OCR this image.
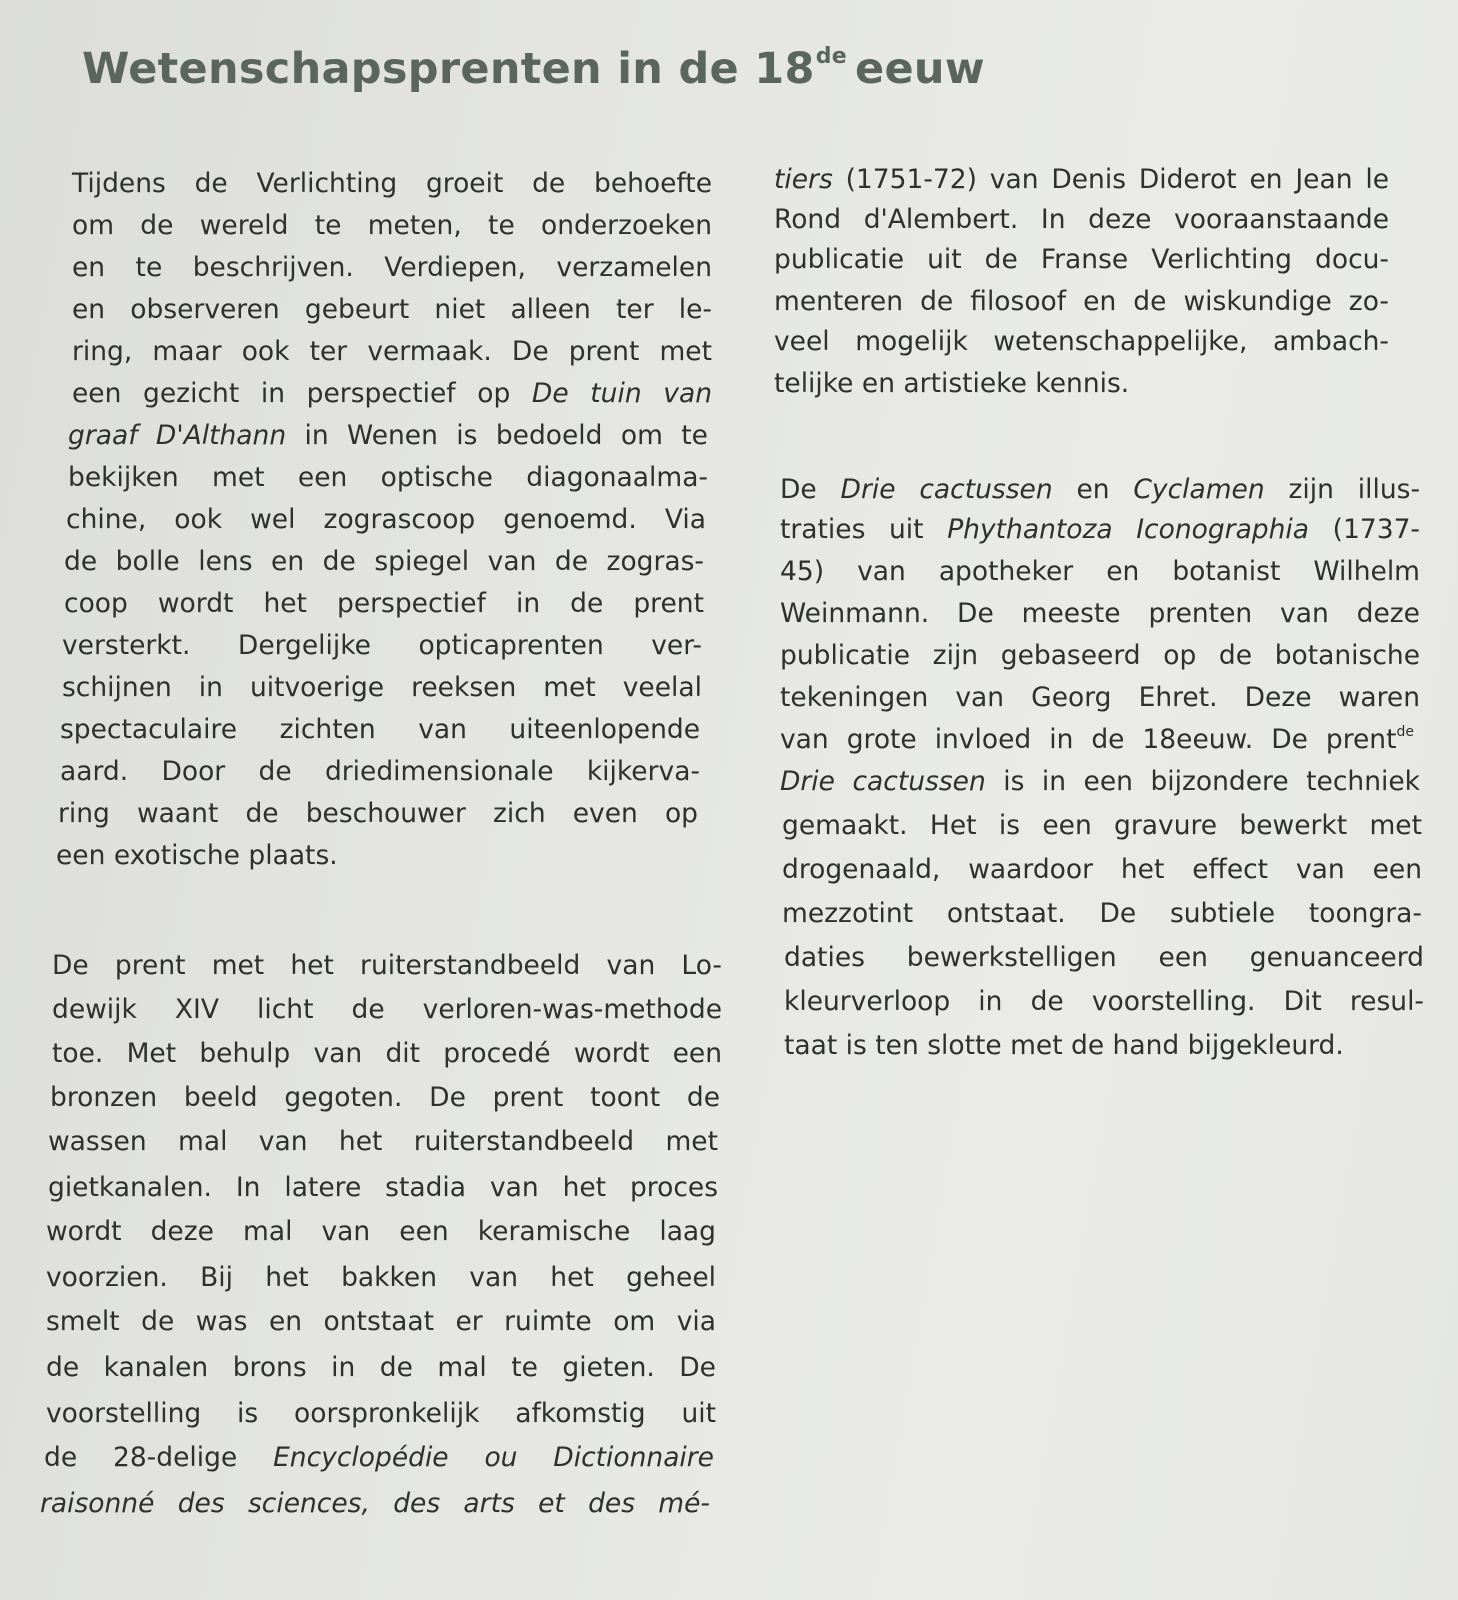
Wetenschapsprenten in de 18de eeuw
Tijdens de Verlichting groeit de behoefte
om de wereld te meten, te onderzoeken
en te beschrijven. Verdiepen, verzamelen
en observeren gebeurt niet alleen ter le-
ring, maar ook ter vermaak. De prent met
een gezicht in perspectief op De tuin van
graaf D'Althann in Wenen is bedoeld om te
bekijken met een optische diagonaalma-
chine, ook wel zograscoop genoemd. Via
de bolle lens en de spiegel van de zogras-
coop wordt het perspectief in de prent
versterkt. Dergelijke opticaprenten ver-
schijnen in uitvoerige reeksen met veelal
spectaculaire zichten van uiteenlopende
aard. Door de driedimensionale kijkerva-
ring waant de beschouwer zich even op
een exotische plaats.
De prent met het ruiterstandbeeld van Lo-
dewijk XIV licht de verloren-was-methode
toe. Met behulp van dit procedé wordt een
bronzen beeld gegoten. De prent toont de
wassen mal van het ruiterstandbeeld met
gietkanalen. In latere stadia van het proces
wordt deze mal van een keramische laag
voorzien. Bij het bakken van het geheel
smelt de was en ontstaat er ruimte om via
de kanalen brons in de mal te gieten. De
voorstelling is oorspronkelijk afkomstig uit
de 28-delige Encyclopédie ou Dictionnaire
raisonné des sciences, des arts et des mé-
tiers (1751-72) van Denis Diderot en Jean le
Rond d'Alembert. In deze vooraanstaande
publicatie uit de Franse Verlichting docu-
menteren de filosoof en de wiskundige zo-
veel mogelijk wetenschappelijke, ambach-
telijke en artistieke kennis.
De Drie cactussen en Cyclamen zijn illus-
traties uit Phythantoza Iconographia (1737-
45) van apotheker en botanist Wilhelm
Weinmann. De meeste prenten van deze
publicatie zijn gebaseerd op de botanische
tekeningen van Georg Ehret. Deze waren
van grote invloed in de 18eeuw. De prent$^{de}$
Drie cactussen is in een bijzondere techniek
gemaakt. Het is een gravure bewerkt met
drogenaald, waardoor het effect van een
mezzotint ontstaat. De subtiele toongra-
daties bewerkstelligen een genuanceerd
kleurverloop in de voorstelling. Dit resul-
taat is ten slotte met de hand bijgekleurd.
